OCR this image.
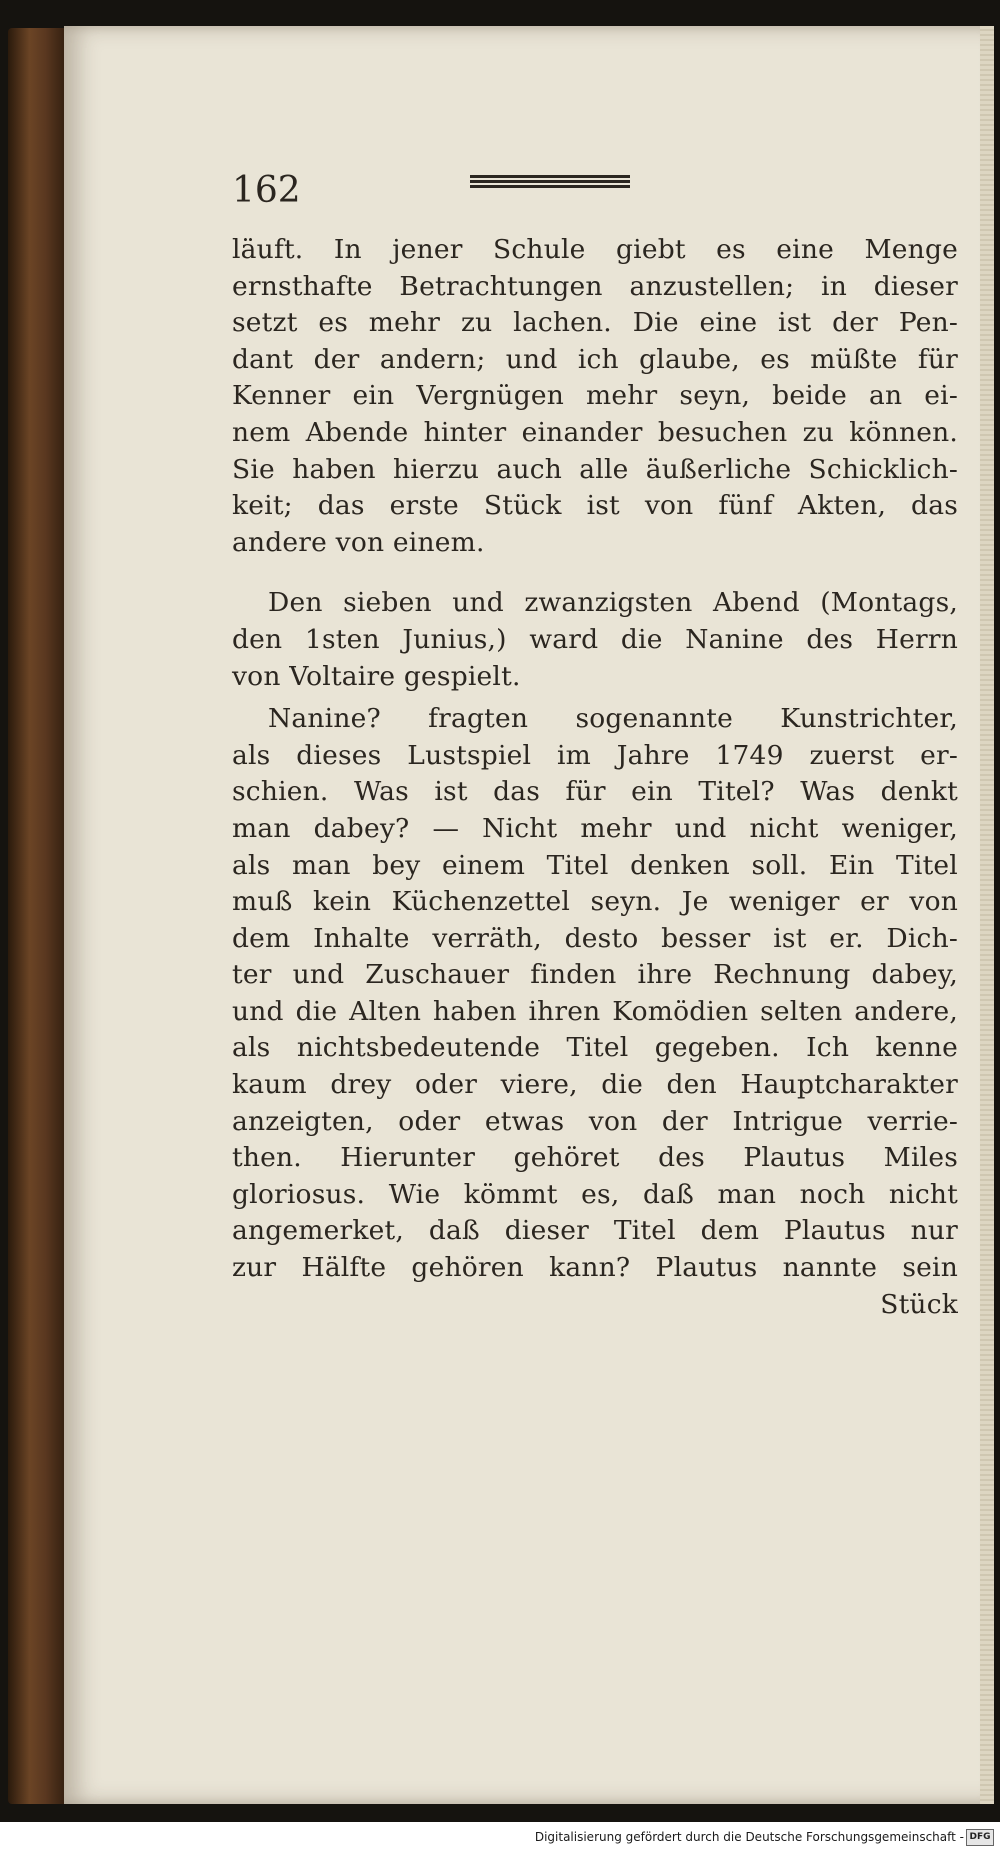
162
läuft. In jener Schule giebt es eine Menge
ernsthafte Betrachtungen anzustellen; in dieser
setzt es mehr zu lachen. Die eine ist der Pen-
dant der andern; und ich glaube, es müßte für
Kenner ein Vergnügen mehr seyn, beide an ei-
nem Abende hinter einander besuchen zu können.
Sie haben hierzu auch alle äußerliche Schicklich-
keit; das erste Stück ist von fünf Akten, das
andere von einem.
Den sieben und zwanzigsten Abend (Montags,
den 1sten Junius,) ward die Nanine des Herrn
von Voltaire gespielt.
Nanine? fragten sogenannte Kunstrichter,
als dieses Lustspiel im Jahre 1749 zuerst er-
schien. Was ist das für ein Titel? Was denkt
man dabey? — Nicht mehr und nicht weniger,
als man bey einem Titel denken soll. Ein Titel
muß kein Küchenzettel seyn. Je weniger er von
dem Inhalte verräth, desto besser ist er. Dich-
ter und Zuschauer finden ihre Rechnung dabey,
und die Alten haben ihren Komödien selten andere,
als nichtsbedeutende Titel gegeben. Ich kenne
kaum drey oder viere, die den Hauptcharakter
anzeigten, oder etwas von der Intrigue verrie-
then. Hierunter gehöret des Plautus Miles
gloriosus. Wie kömmt es, daß man noch nicht
angemerket, daß dieser Titel dem Plautus nur
zur Hälfte gehören kann? Plautus nannte sein
Stück
Digitalisierung gefördert durch die Deutsche Forschungsgemeinschaft - DFG
